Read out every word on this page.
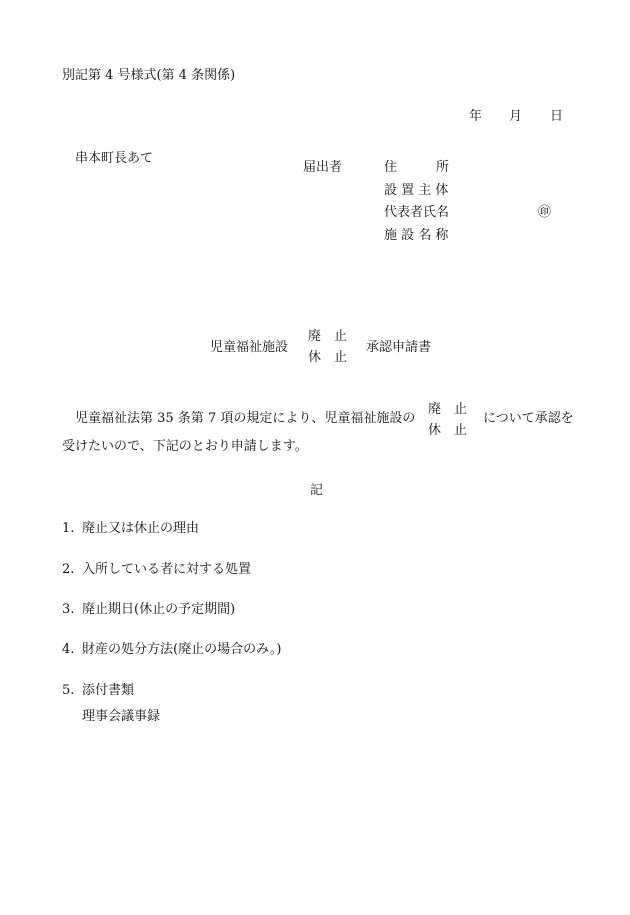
別記第 4 号様式(第 4 条関係)
年 月 日
串本町長あて
届出者	住　　　所
設 置 主 体
代表者氏名	㊞
施 設 名 称
児童福祉施設
廃　止
休　止
承認申請書
児童福祉法第 35 条第 7 項の規定により、児童福祉施設の
廃　止
休　止
について承認を
受けたいので、下記のとおり申請します。
記
1. 廃止又は休止の理由
2. 入所している者に対する処置
3. 廃止期日(休止の予定期間)
4. 財産の処分方法(廃止の場合のみ。)
5. 添付書類
理事会議事録
